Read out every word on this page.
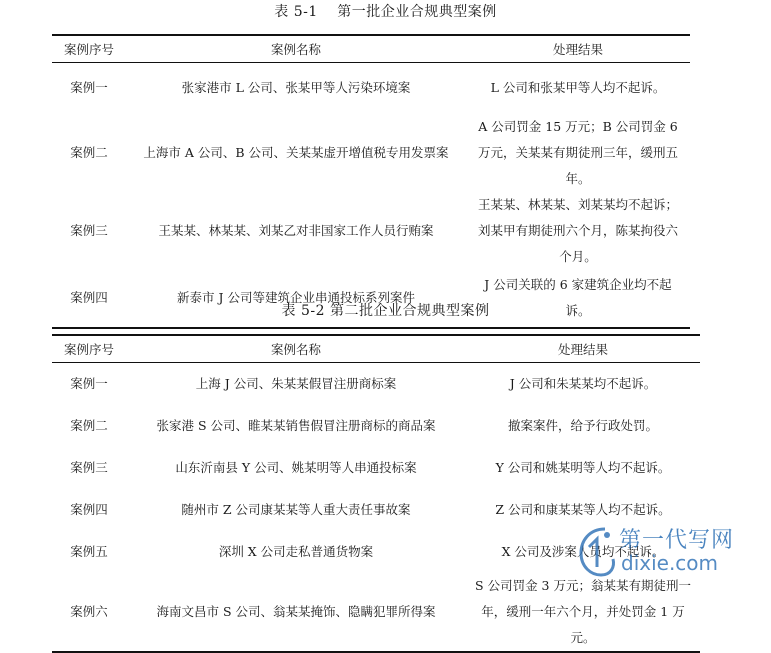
表 5-1　 第一批企业合规典型案例
案例序号	案例名称	处理结果
案例一	张家港市 L 公司、张某甲等人污染环境案	L 公司和张某甲等人均不起诉。
案例二	上海市 A 公司、B 公司、关某某虚开增值税专用发票案	A 公司罚金 15 万元；B 公司罚金 6 万元，关某某有期徒刑三年，缓刑五年。
案例三	王某某、林某某、刘某乙对非国家工作人员行贿案	王某某、林某某、刘某某均不起诉；刘某甲有期徒刑六个月，陈某拘役六个月。
案例四	新泰市 J 公司等建筑企业串通投标系列案件	J 公司关联的 6 家建筑企业均不起诉。
表 5-2 第二批企业合规典型案例
案例序号	案例名称	处理结果
案例一	上海 J 公司、朱某某假冒注册商标案	J 公司和朱某某均不起诉。
案例二	张家港 S 公司、睢某某销售假冒注册商标的商品案	撤案案件，给予行政处罚。
案例三	山东沂南县 Y 公司、姚某明等人串通投标案	Y 公司和姚某明等人均不起诉。
案例四	随州市 Z 公司康某某等人重大责任事故案	Z 公司和康某某等人均不起诉。
案例五	深圳 X 公司走私普通货物案	X 公司及涉案人员均不起诉。
案例六	海南文昌市 S 公司、翁某某掩饰、隐瞒犯罪所得案	S 公司罚金 3 万元；翁某某有期徒刑一年，缓刑一年六个月，并处罚金 1 万元。
第一代写网
dixie.com
